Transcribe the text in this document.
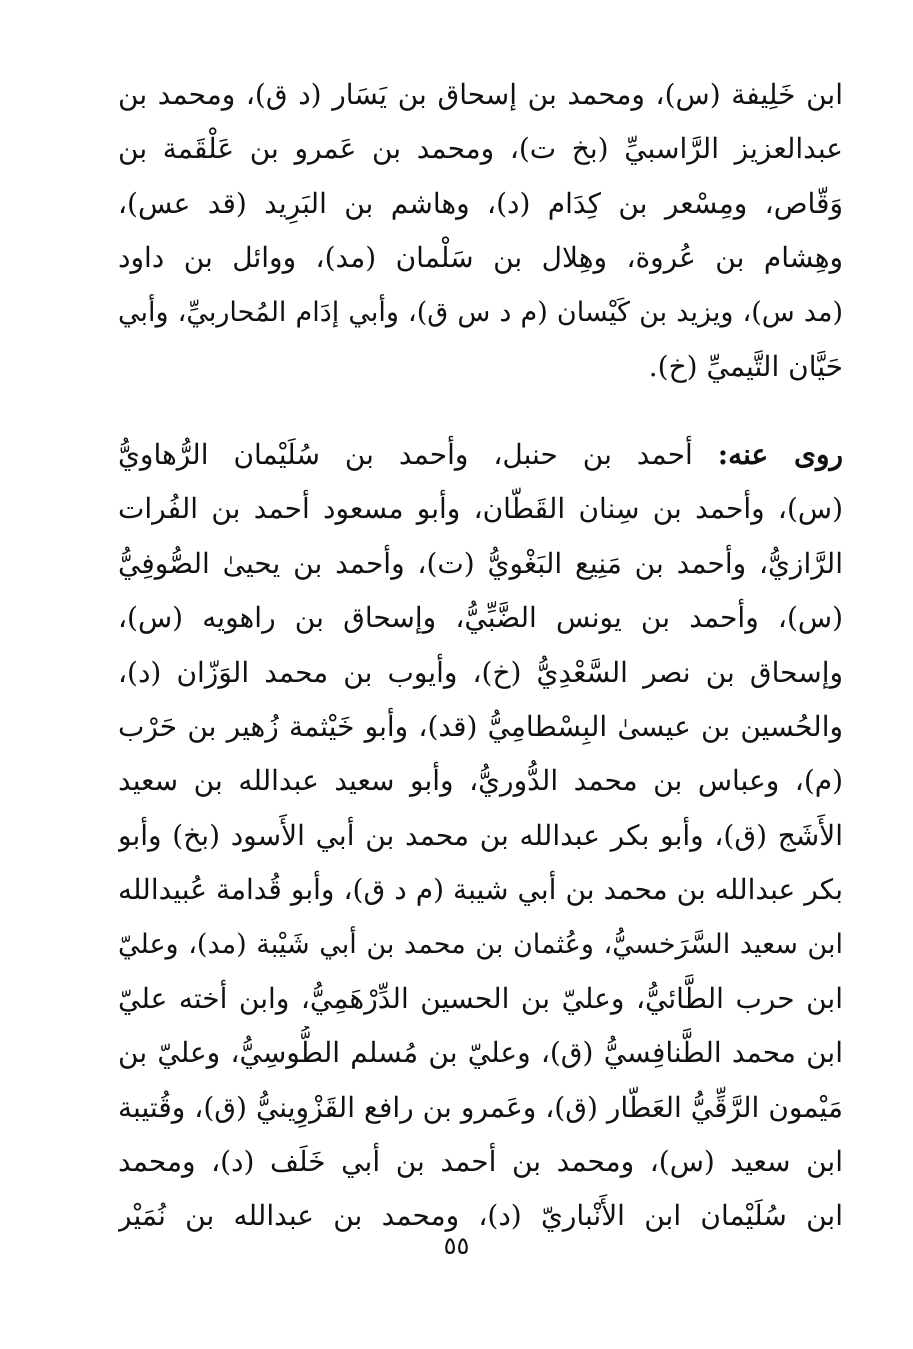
ابن خَلِيفة (س)، ومحمد بن إسحاق بن يَسَار (د ق)، ومحمد بن
عبدالعزيز الرَّاسبيِّ (بخ ت)، ومحمد بن عَمرو بن عَلْقَمة بن
وَقّاص، ومِسْعر بن كِدَام (د)، وهاشم بن البَرِيد (قد عس)،
وهِشام بن عُروة، وهِلال بن سَلْمان (مد)، ووائل بن داود
(مد س)، ويزيد بن كَيْسان (م د س ق)، وأبي إدَام المُحاربيِّ، وأبي
حَيَّان التَّيميِّ (خ).
روى عنه: أحمد بن حنبل، وأحمد بن سُلَيْمان الرُّهاويُّ
(س)، وأحمد بن سِنان القَطّان، وأبو مسعود أحمد بن الفُرات
الرَّازيُّ، وأحمد بن مَنِيع البَغْويُّ (ت)، وأحمد بن يحيىٰ الصُّوفِيُّ
(س)، وأحمد بن يونس الضَّبِّيُّ، وإسحاق بن راهويه (س)،
وإسحاق بن نصر السَّعْدِيُّ (خ)، وأيوب بن محمد الوَزّان (د)،
والحُسين بن عيسىٰ البِسْطامِيُّ (قد)، وأبو خَيْثمة زُهير بن حَرْب
(م)، وعباس بن محمد الدُّوريُّ، وأبو سعيد عبدالله بن سعيد
الأَشَج (ق)، وأبو بكر عبدالله بن محمد بن أبي الأَسود (بخ) وأبو
بكر عبدالله بن محمد بن أبي شيبة (م د ق)، وأبو قُدامة عُبيدالله
ابن سعيد السَّرَخسيُّ، وعُثمان بن محمد بن أبي شَيْبة (مد)، وعليّ
ابن حرب الطَّائيُّ، وعليّ بن الحسين الدِّرْهَمِيُّ، وابن أخته عليّ
ابن محمد الطَّنافِسيُّ (ق)، وعليّ بن مُسلم الطُّوسِيُّ، وعليّ بن
مَيْمون الرَّقِّيُّ العَطّار (ق)، وعَمرو بن رافع القَزْوِينيُّ (ق)، وقُتيبة
ابن سعيد (س)، ومحمد بن أحمد بن أبي خَلَف (د)، ومحمد
ابن سُلَيْمان ابن الأَنْباريّ (د)، ومحمد بن عبدالله بن نُمَيْر
٥٥
